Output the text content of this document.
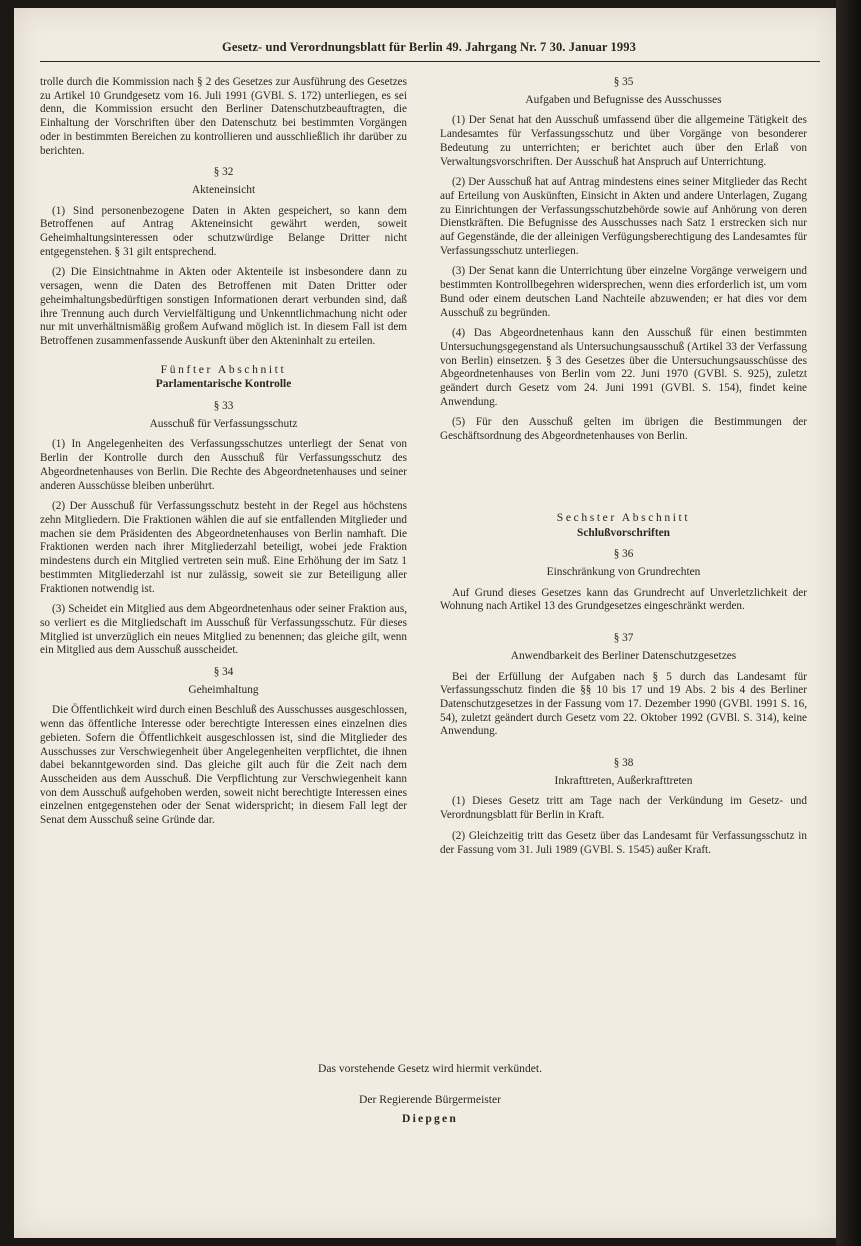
Gesetz- und Verordnungsblatt für Berlin 49. Jahrgang Nr. 7 30. Januar 1993

trolle durch die Kommission nach § 2 des Gesetzes zur Ausführung des Gesetzes zu Artikel 10 Grundgesetz vom 16. Juli 1991 (GVBl. S. 172) unterliegen, es sei denn, die Kommission ersucht den Berliner Datenschutzbeauftragten, die Einhaltung der Vorschriften über den Datenschutz bei bestimmten Vorgängen oder in bestimmten Bereichen zu kontrollieren und ausschließlich ihr darüber zu berichten.

§ 32
Akteneinsicht

(1) Sind personenbezogene Daten in Akten gespeichert, so kann dem Betroffenen auf Antrag Akteneinsicht gewährt werden, soweit Geheimhaltungsinteressen oder schutzwürdige Belange Dritter nicht entgegenstehen. § 31 gilt entsprechend.

(2) Die Einsichtnahme in Akten oder Aktenteile ist insbesondere dann zu versagen, wenn die Daten des Betroffenen mit Daten Dritter oder geheimhaltungsbedürftigen sonstigen Informationen derart verbunden sind, daß ihre Trennung auch durch Vervielfältigung und Unkenntlichmachung nicht oder nur mit unverhältnismäßig großem Aufwand möglich ist. In diesem Fall ist dem Betroffenen zusammenfassende Auskunft über den Akteninhalt zu erteilen.

Fünfter Abschnitt
Parlamentarische Kontrolle
§ 33
Ausschuß für Verfassungsschutz

(1) In Angelegenheiten des Verfassungsschutzes unterliegt der Senat von Berlin der Kontrolle durch den Ausschuß für Verfassungsschutz des Abgeordnetenhauses von Berlin. Die Rechte des Abgeordnetenhauses und seiner anderen Ausschüsse bleiben unberührt.

(2) Der Ausschuß für Verfassungsschutz besteht in der Regel aus höchstens zehn Mitgliedern. Die Fraktionen wählen die auf sie entfallenden Mitglieder und machen sie dem Präsidenten des Abgeordnetenhauses von Berlin namhaft. Die Fraktionen werden nach ihrer Mitgliederzahl beteiligt, wobei jede Fraktion mindestens durch ein Mitglied vertreten sein muß. Eine Erhöhung der im Satz 1 bestimmten Mitgliederzahl ist nur zulässig, soweit sie zur Beteiligung aller Fraktionen notwendig ist.

(3) Scheidet ein Mitglied aus dem Abgeordnetenhaus oder seiner Fraktion aus, so verliert es die Mitgliedschaft im Ausschuß für Verfassungsschutz. Für dieses Mitglied ist unverzüglich ein neues Mitglied zu benennen; das gleiche gilt, wenn ein Mitglied aus dem Ausschuß ausscheidet.

§ 34
Geheimhaltung

Die Öffentlichkeit wird durch einen Beschluß des Ausschusses ausgeschlossen, wenn das öffentliche Interesse oder berechtigte Interessen eines einzelnen dies gebieten. Sofern die Öffentlichkeit ausgeschlossen ist, sind die Mitglieder des Ausschusses zur Verschwiegenheit über Angelegenheiten verpflichtet, die ihnen dabei bekanntgeworden sind. Das gleiche gilt auch für die Zeit nach dem Ausscheiden aus dem Ausschuß. Die Verpflichtung zur Verschwiegenheit kann von dem Ausschuß aufgehoben werden, soweit nicht berechtigte Interessen eines einzelnen entgegenstehen oder der Senat widerspricht; in diesem Fall legt der Senat dem Ausschuß seine Gründe dar.

§ 35
Aufgaben und Befugnisse des Ausschusses

(1) Der Senat hat den Ausschuß umfassend über die allgemeine Tätigkeit des Landesamtes für Verfassungsschutz und über Vorgänge von besonderer Bedeutung zu unterrichten; er berichtet auch über den Erlaß von Verwaltungsvorschriften. Der Ausschuß hat Anspruch auf Unterrichtung.

(2) Der Ausschuß hat auf Antrag mindestens eines seiner Mitglieder das Recht auf Erteilung von Auskünften, Einsicht in Akten und andere Unterlagen, Zugang zu Einrichtungen der Verfassungsschutzbehörde sowie auf Anhörung von deren Dienstkräften. Die Befugnisse des Ausschusses nach Satz 1 erstrecken sich nur auf Gegenstände, die der alleinigen Verfügungsberechtigung des Landesamtes für Verfassungsschutz unterliegen.

(3) Der Senat kann die Unterrichtung über einzelne Vorgänge verweigern und bestimmten Kontrollbegehren widersprechen, wenn dies erforderlich ist, um vom Bund oder einem deutschen Land Nachteile abzuwenden; er hat dies vor dem Ausschuß zu begründen.

(4) Das Abgeordnetenhaus kann den Ausschuß für einen bestimmten Untersuchungsgegenstand als Untersuchungsausschuß (Artikel 33 der Verfassung von Berlin) einsetzen. § 3 des Gesetzes über die Untersuchungsausschüsse des Abgeordnetenhauses von Berlin vom 22. Juni 1970 (GVBl. S. 925), zuletzt geändert durch Gesetz vom 24. Juni 1991 (GVBl. S. 154), findet keine Anwendung.

(5) Für den Ausschuß gelten im übrigen die Bestimmungen der Geschäftsordnung des Abgeordnetenhauses von Berlin.

Sechster Abschnitt
Schlußvorschriften
§ 36
Einschränkung von Grundrechten

Auf Grund dieses Gesetzes kann das Grundrecht auf Unverletzlichkeit der Wohnung nach Artikel 13 des Grundgesetzes eingeschränkt werden.

§ 37
Anwendbarkeit des Berliner Datenschutzgesetzes

Bei der Erfüllung der Aufgaben nach § 5 durch das Landesamt für Verfassungsschutz finden die §§ 10 bis 17 und 19 Abs. 2 bis 4 des Berliner Datenschutzgesetzes in der Fassung vom 17. Dezember 1990 (GVBl. 1991 S. 16, 54), zuletzt geändert durch Gesetz vom 22. Oktober 1992 (GVBl. S. 314), keine Anwendung.

§ 38
Inkrafttreten, Außerkrafttreten

(1) Dieses Gesetz tritt am Tage nach der Verkündung im Gesetz- und Verordnungsblatt für Berlin in Kraft.

(2) Gleichzeitig tritt das Gesetz über das Landesamt für Verfassungsschutz in der Fassung vom 31. Juli 1989 (GVBl. S. 1545) außer Kraft.

Das vorstehende Gesetz wird hiermit verkündet.
Der Regierende Bürgermeister
Diepgen
